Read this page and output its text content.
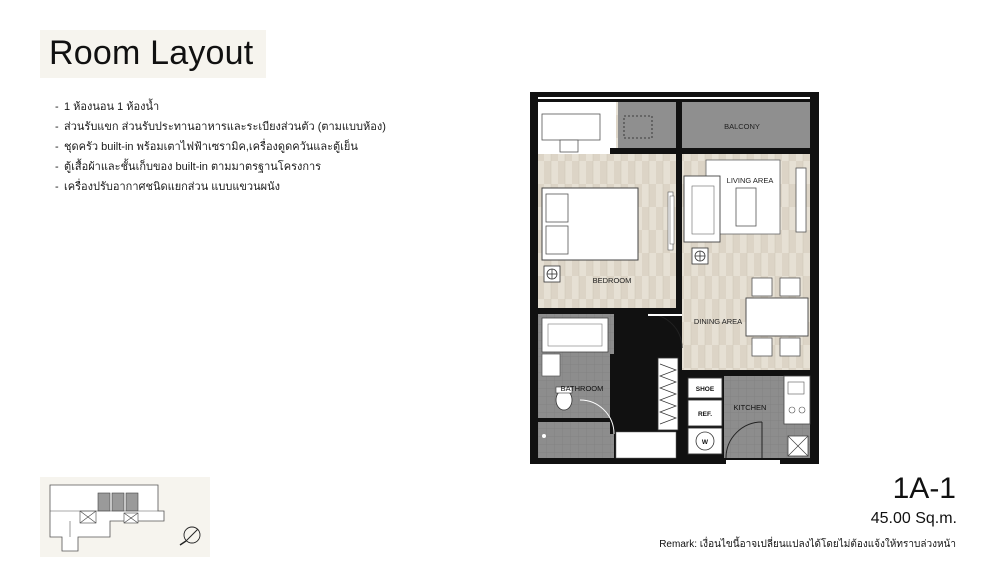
Room Layout
- 1 ห้องนอน 1 ห้องน้ำ
- ส่วนรับแขก ส่วนรับประทานอาหารและระเบียงส่วนตัว (ตามแบบห้อง)
- ชุดครัว built-in พร้อมเตาไฟฟ้าเซรามิค,เครื่องดูดควันและตู้เย็น
- ตู้เสื้อผ้าและชั้นเก็บของ built-in ตามมาตรฐานโครงการ
- เครื่องปรับอากาศชนิดแยกส่วน แบบแขวนผนัง
BALCONY
LIVING AREA
BEDROOM
DINING AREA
BATHROOM
KITCHEN
SHOE
REF.
W
1A-1
45.00 Sq.m.
Remark: เงื่อนไขนี้อาจเปลี่ยนแปลงได้โดยไม่ต้องแจ้งให้ทราบล่วงหน้า
